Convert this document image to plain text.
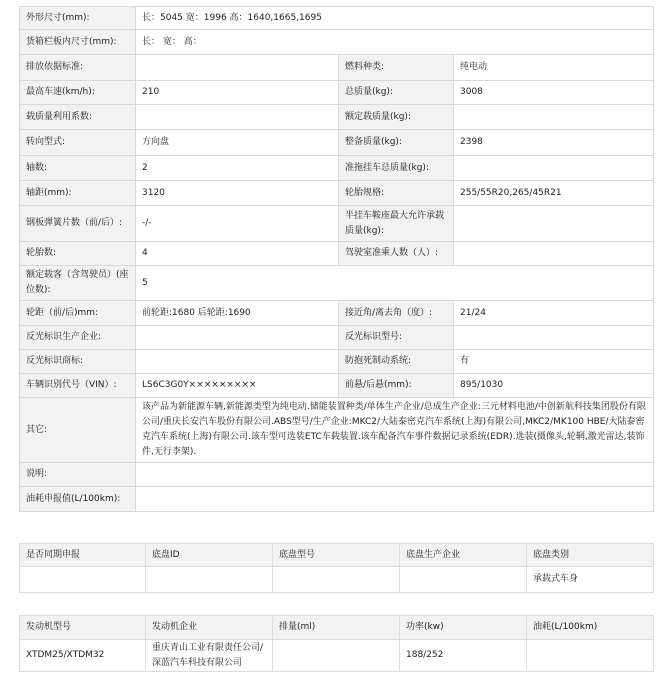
外形尺寸(mm):	长：5045 宽：1996 高：1640,1665,1695		
货箱栏板内尺寸(mm):	长： 宽： 高：		
排放依据标准:		燃料种类:	纯电动
最高车速(km/h):	210	总质量(kg):	3008
载质量利用系数:		额定载质量(kg):	
转向型式:	方向盘	整备质量(kg):	2398
轴数:	2	准拖挂车总质量(kg):	
轴距(mm):	3120	轮胎规格:	255/55R20,265/45R21
钢板弹簧片数（前/后）:	-/-	半挂车鞍座最大允许承载质量(kg):	
轮胎数:	4	驾驶室准乘人数（人）:	
额定载客（含驾驶员）(座位数):	5		
轮距（前/后)mm:	前轮距:1680 后轮距:1690	接近角/离去角（度）:	21/24
反光标识生产企业:		反光标识型号:	
反光标识商标:		防抱死制动系统:	有
车辆识别代号（VIN）:	LS6C3G0Y×××××××××	前悬/后悬(mm):	895/1030
其它:	该产品为新能源车辆,新能源类型为纯电动.储能装置种类/单体生产企业/总成生产企业:三元材料电池/中创新航科技集团股份有限公司/重庆长安汽车股份有限公司.ABS型号/生产企业:MKC2/大陆泰密克汽车系统(上海)有限公司,MKC2/MK100 HBE/大陆泰密克汽车系统(上海)有限公司.该车型可选装ETC车载装置.该车配备汽车事件数据记录系统(EDR).选装(摄像头,轮辋,激光雷达,装饰件,无行李架).		
说明:			
油耗申报值(L/100km):			
是否同期申报	底盘ID	底盘型号	底盘生产企业	底盘类别
				承载式车身
发动机型号	发动机企业	排量(ml)	功率(kw)	油耗(L/100km)
XTDM25/XTDM32	重庆青山工业有限责任公司/深蓝汽车科技有限公司		188/252	
